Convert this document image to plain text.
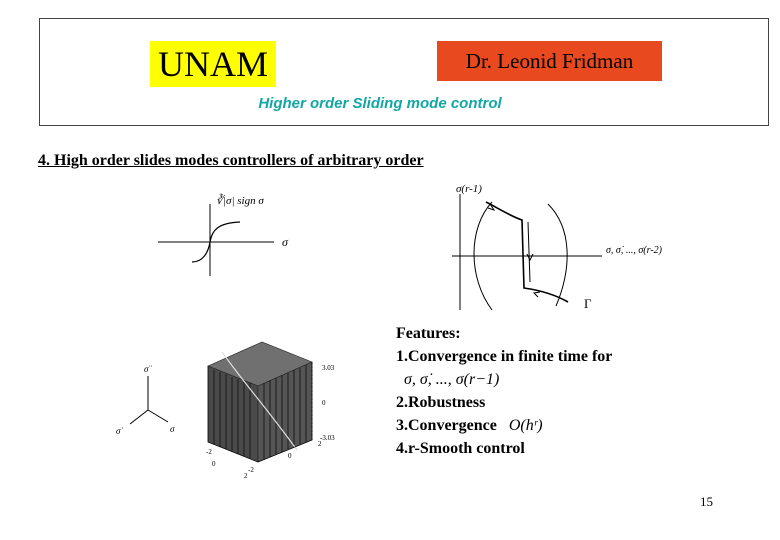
UNAM	Dr. Leonid Fridman
Higher order Sliding mode control
4. High order slides modes controllers of arbitrary order
∛|σ| sign σ
σ
σ(r-1)
σ, σ̇, ..., σ(r-2)
Γ
σ̈
σ̇	σ
3.03
0
-3.03
-2
0
2
-2
0
2
Features:
1.Convergence in finite time for
σ, σ̇, ..., σ(r−1)
2.Robustness
3.Convergence O(hʳ)
4.r-Smooth control
15
